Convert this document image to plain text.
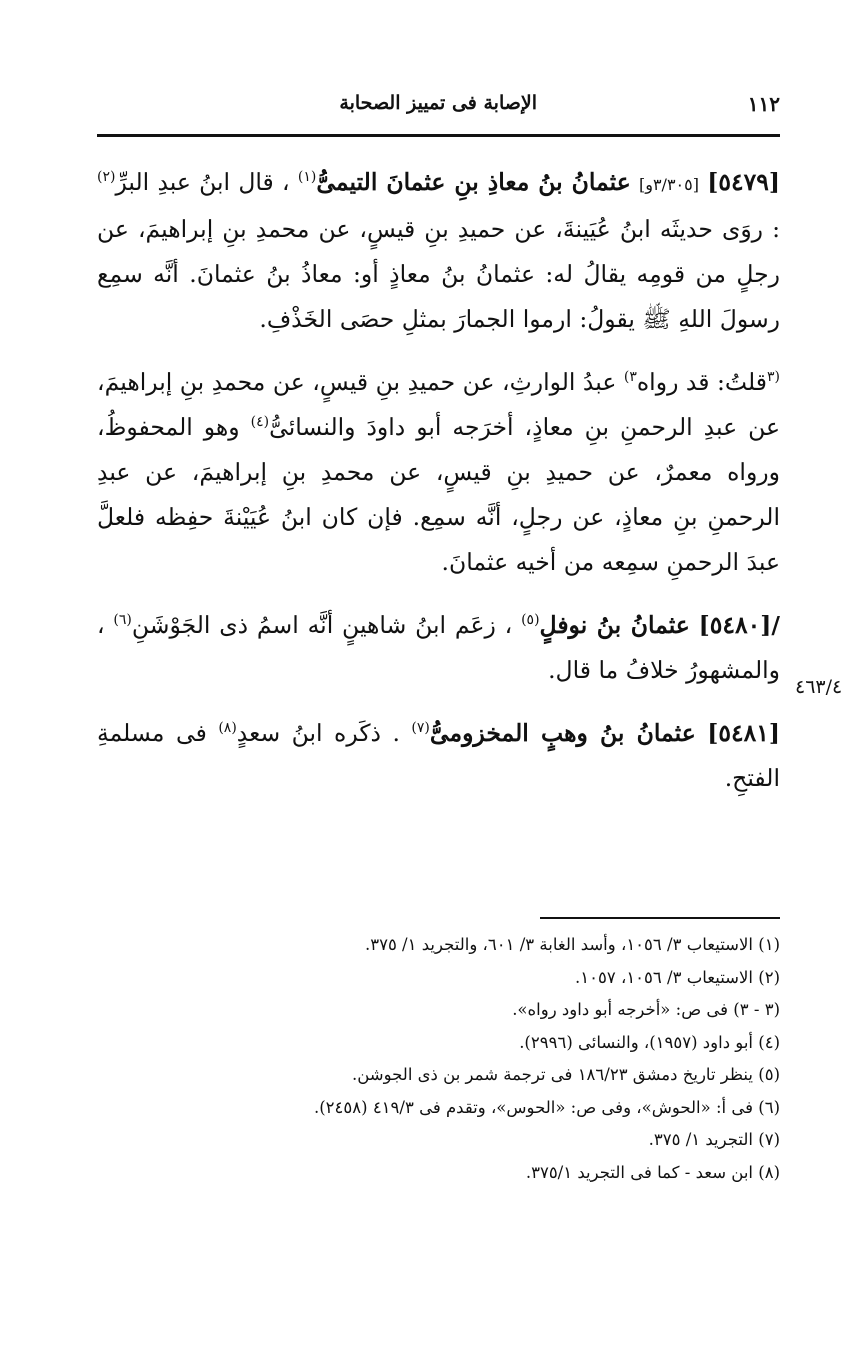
١١٢
الإصابة فى تمييز الصحابة
٤٦٣/٤

[٥٤٧٩] [٣/٣٠٥و] عثمانُ بنُ معاذِ بنِ عثمانَ التيمىُّ$^{(١)}$ ، قال ابنُ عبدِ البرِّ$^{(٢)}$ : روَى حديثَه ابنُ عُيَينةَ، عن حميدِ بنِ قيسٍ، عن محمدِ بنِ إبراهيمَ، عن رجلٍ من قومِه يقالُ له: عثمانُ بنُ معاذٍ أو: معاذُ بنُ عثمانَ. أنَّه سمِع رسولَ اللهِ ﷺ يقولُ: ارموا الجمارَ بمثلِ حصَى الخَذْفِ.

$^{(٣}$قلتُ: قد رواه$^{٣)}$ عبدُ الوارثِ، عن حميدِ بنِ قيسٍ، عن محمدِ بنِ إبراهيمَ، عن عبدِ الرحمنِ بنِ معاذٍ، أخرَجه أبو داودَ والنسائىُّ$^{(٤)}$ وهو المحفوظُ، ورواه معمرٌ، عن حميدِ بنِ قيسٍ، عن محمدِ بنِ إبراهيمَ، عن عبدِ الرحمنِ بنِ معاذٍ، عن رجلٍ، أنَّه سمِع. فإن كان ابنُ عُيَيْنةَ حفِظه فلعلَّ عبدَ الرحمنِ سمِعه من أخيه عثمانَ.

/[٥٤٨٠] عثمانُ بنُ نوفلٍ$^{(٥)}$ ، زعَم ابنُ شاهينٍ أنَّه اسمُ ذى الجَوْشَنِ$^{(٦)}$ ، والمشهورُ خلافُ ما قال.

[٥٤٨١] عثمانُ بنُ وهبٍ المخزومىُّ$^{(٧)}$ . ذكَره ابنُ سعدٍ$^{(٨)}$ فى مسلمةِ الفتحِ.

(١) الاستيعاب ٣/ ١٠٥٦، وأسد الغابة ٣/ ٦٠١، والتجريد ١/ ٣٧٥.

(٢) الاستيعاب ٣/ ١٠٥٦، ١٠٥٧.

(٣ - ٣) فى ص: «أخرجه أبو داود رواه».

(٤) أبو داود (١٩٥٧)، والنسائى (٢٩٩٦).

(٥) ينظر تاريخ دمشق ١٨٦/٢٣ فى ترجمة شمر بن ذى الجوشن.

(٦) فى أ: «الحوش»، وفى ص: «الحوس»، وتقدم فى ٤١٩/٣ (٢٤٥٨).

(٧) التجريد ١/ ٣٧٥.

(٨) ابن سعد - كما فى التجريد ٣٧٥/١.
